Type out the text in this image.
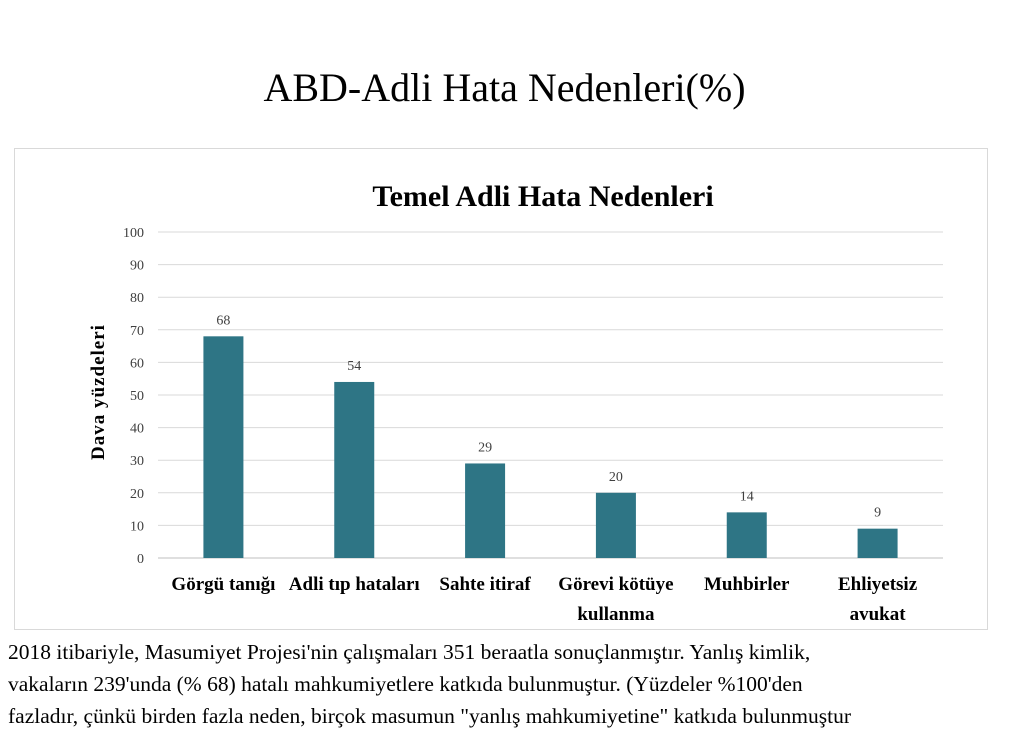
ABD-Adli Hata Nedenleri(%)
68
54
29
20
14
9
0
10
20
30
40
50
60
70
80
90
100
Görgü tanığı Adli tıp hataları Sahte itiraf Görevi kötüye
kullanma
Muhbirler	Ehliyetsiz
avukat
Temel Adli Hata Nedenleri
Dava yüzdeleri
2018 itibariyle, Masumiyet Projesi'nin çalışmaları 351 beraatla sonuçlanmıştır. Yanlış kimlik,
vakaların 239'unda (% 68) hatalı mahkumiyetlere katkıda bulunmuştur. (Yüzdeler %100'den
fazladır, çünkü birden fazla neden, birçok masumun "yanlış mahkumiyetine" katkıda bulunmuştur
